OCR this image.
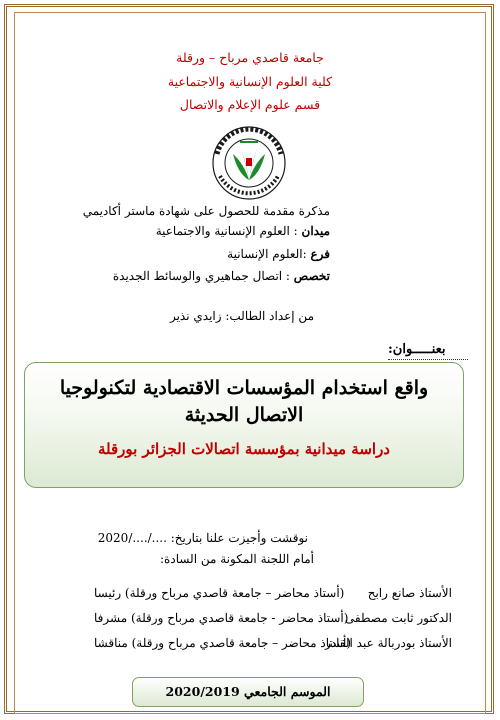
جامعة قاصدي مرباح – ورقلة
كلية العلوم الإنسانية والاجتماعية
قسم علوم الإعلام والاتصال
مذكرة مقدمة للحصول على شهادة ماستر أكاديمي
ميدان : العلوم الإنسانية والاجتماعية
فرع :العلوم الإنسانية
تخصص : اتصال جماهيري والوسائط الجديدة
من إعداد الطالب: زايدي نذير
بعنـــــوان:
واقع استخدام المؤسسات الاقتصادية لتكنولوجيا الاتصال الحديثة
دراسة ميدانية بمؤسسة اتصالات الجزائر بورقلة
نوقشت وأجيزت علنا بتاريخ: ..../..../2020
أمام اللجنة المكونة من السادة:
الأستاذ صانع رابح
(أستاذ محاضر – جامعة قاصدي مرباح ورقلة) رئيسا
الدكتور ثابت مصطفى
(أستاذ محاضر - جامعة قاصدي مرباح ورقلة) مشرفا
الأستاذ بودربالة عبد القادر
(أستاذ محاضر – جامعة قاصدي مرباح ورقلة) مناقشا
الموسم الجامعي 2020/2019
